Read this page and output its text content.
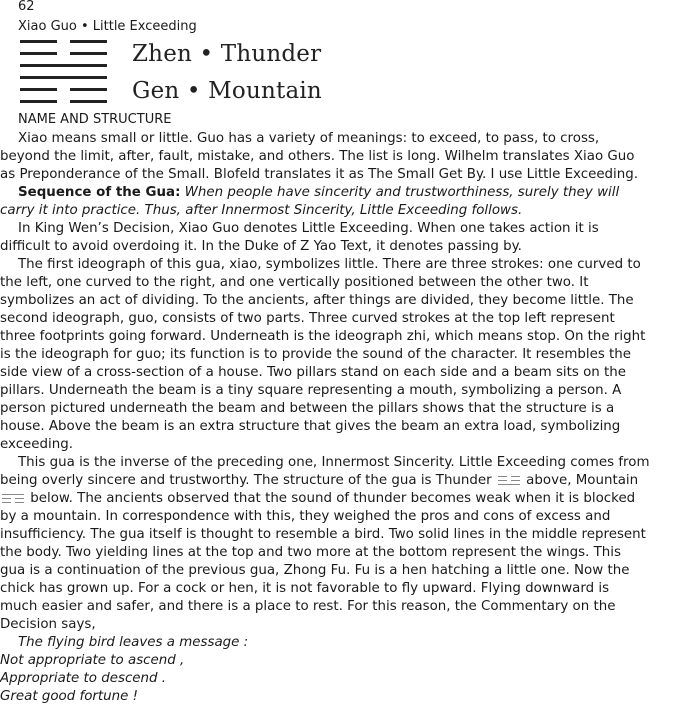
62
Xiao Guo • Little Exceeding
Zhen • Thunder
Gen • Mountain
NAME AND STRUCTURE

Xiao means small or little. Guo has a variety of meanings: to exceed, to pass, to cross, beyond the limit, after, fault, mistake, and others. The list is long. Wilhelm translates Xiao Guo as Preponderance of the Small. Blofeld translates it as The Small Get By. I use Little Exceeding.

Sequence of the Gua: When people have sincerity and trustworthiness, surely they will carry it into practice. Thus, after Innermost Sincerity, Little Exceeding follows.

In King Wen’s Decision, Xiao Guo denotes Little Exceeding. When one takes action it is difficult to avoid overdoing it. In the Duke of Z Yao Text, it denotes passing by.

The first ideograph of this gua, xiao, symbolizes little. There are three strokes: one curved to the left, one curved to the right, and one vertically positioned between the other two. It symbolizes an act of dividing. To the ancients, after things are divided, they become little. The second ideograph, guo, consists of two parts. Three curved strokes at the top left represent three footprints going forward. Underneath is the ideograph zhi, which means stop. On the right is the ideograph for guo; its function is to provide the sound of the character. It resembles the side view of a cross-section of a house. Two pillars stand on each side and a beam sits on the pillars. Underneath the beam is a tiny square representing a mouth, symbolizing a person. A person pictured underneath the beam and between the pillars shows that the structure is a house. Above the beam is an extra structure that gives the beam an extra load, symbolizing exceeding.

This gua is the inverse of the preceding one, Innermost Sincerity. Little Exceeding comes from being overly sincere and trustworthy. The structure of the gua is Thunder
above, Mountain
below. The ancients observed that the sound of thunder becomes weak when it is blocked by a mountain. In correspondence with this, they weighed the pros and cons of excess and insufficiency. The gua itself is thought to resemble a bird. Two solid lines in the middle represent the body. Two yielding lines at the top and two more at the bottom represent the wings. This gua is a continuation of the previous gua, Zhong Fu. Fu is a hen hatching a little one. Now the chick has grown up. For a cock or hen, it is not favorable to fly upward. Flying downward is much easier and safer, and there is a place to rest. For this reason, the Commentary on the Decision says,

The flying bird leaves a message :
Not appropriate to ascend ,
Appropriate to descend .
Great good fortune !
